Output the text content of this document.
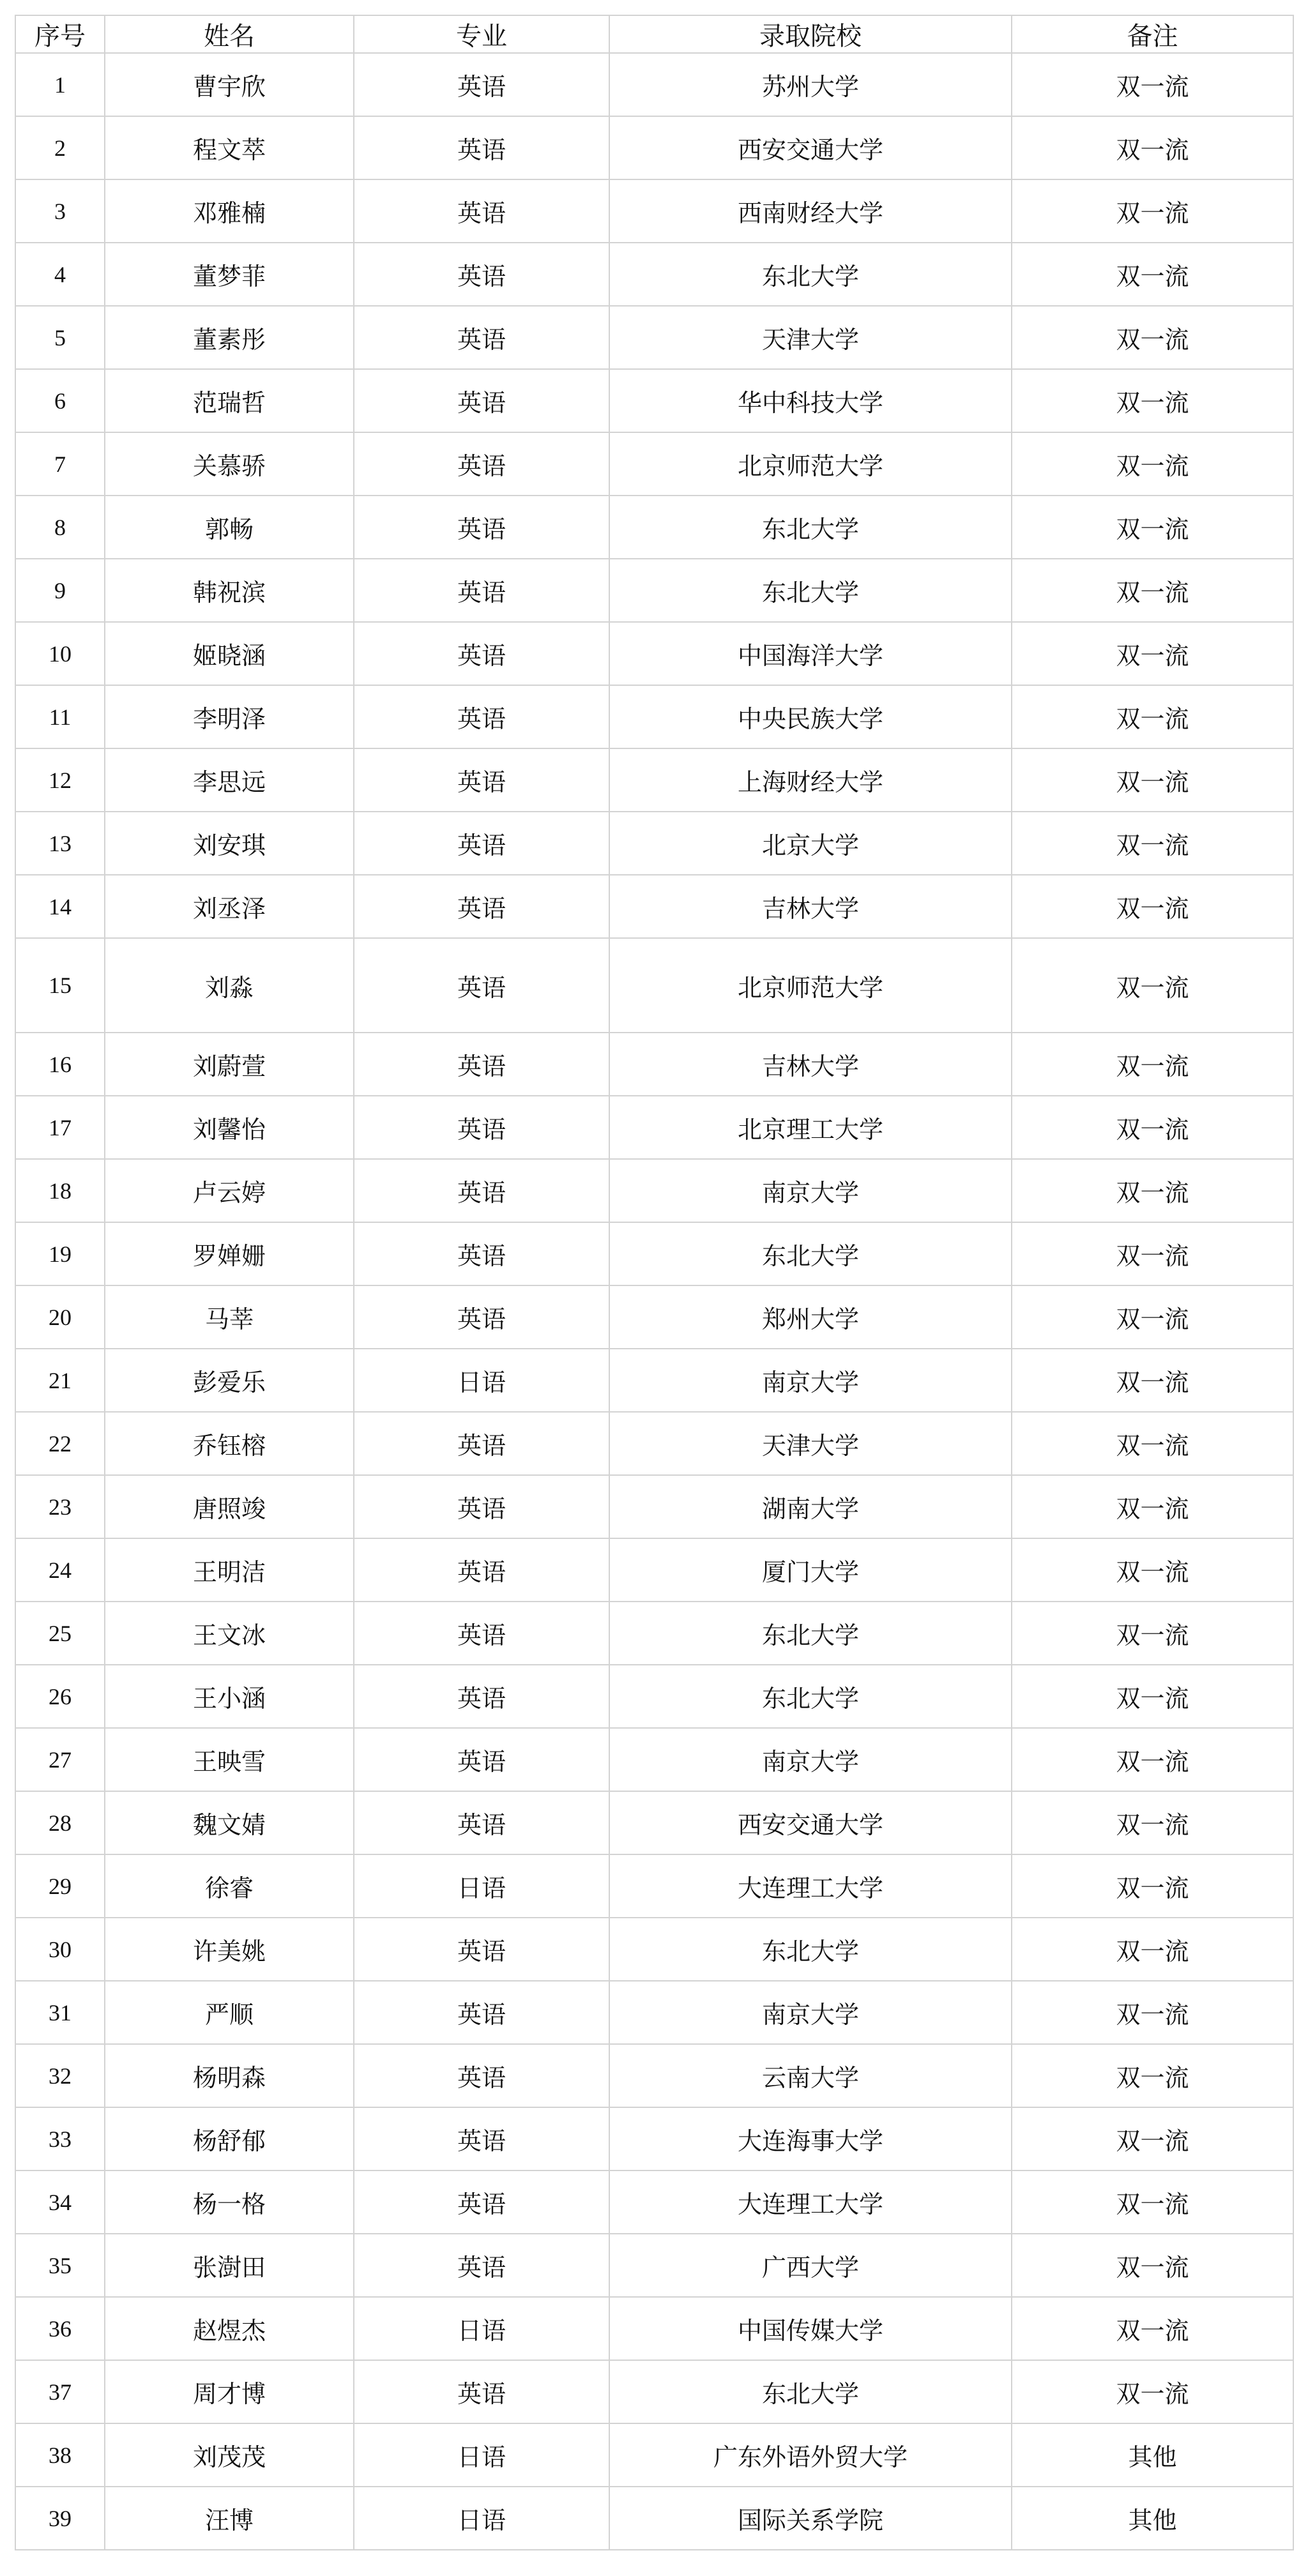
序号	姓名	专业	录取院校	备注
1	曹宇欣	英语	苏州大学	双一流
2	程文萃	英语	西安交通大学	双一流
3	邓雅楠	英语	西南财经大学	双一流
4	董梦菲	英语	东北大学	双一流
5	董素彤	英语	天津大学	双一流
6	范瑞哲	英语	华中科技大学	双一流
7	关慕骄	英语	北京师范大学	双一流
8	郭畅	英语	东北大学	双一流
9	韩祝滨	英语	东北大学	双一流
10	姬晓涵	英语	中国海洋大学	双一流
11	李明泽	英语	中央民族大学	双一流
12	李思远	英语	上海财经大学	双一流
13	刘安琪	英语	北京大学	双一流
14	刘丞泽	英语	吉林大学	双一流
15	刘淼	英语	北京师范大学	双一流
16	刘蔚萱	英语	吉林大学	双一流
17	刘馨怡	英语	北京理工大学	双一流
18	卢云婷	英语	南京大学	双一流
19	罗婵姗	英语	东北大学	双一流
20	马莘	英语	郑州大学	双一流
21	彭爱乐	日语	南京大学	双一流
22	乔钰榕	英语	天津大学	双一流
23	唐照竣	英语	湖南大学	双一流
24	王明洁	英语	厦门大学	双一流
25	王文冰	英语	东北大学	双一流
26	王小涵	英语	东北大学	双一流
27	王映雪	英语	南京大学	双一流
28	魏文婧	英语	西安交通大学	双一流
29	徐睿	日语	大连理工大学	双一流
30	许美姚	英语	东北大学	双一流
31	严顺	英语	南京大学	双一流
32	杨明森	英语	云南大学	双一流
33	杨舒郁	英语	大连海事大学	双一流
34	杨一格	英语	大连理工大学	双一流
35	张澍田	英语	广西大学	双一流
36	赵煜杰	日语	中国传媒大学	双一流
37	周才博	英语	东北大学	双一流
38	刘茂茂	日语	广东外语外贸大学	其他
39	汪博	日语	国际关系学院	其他
